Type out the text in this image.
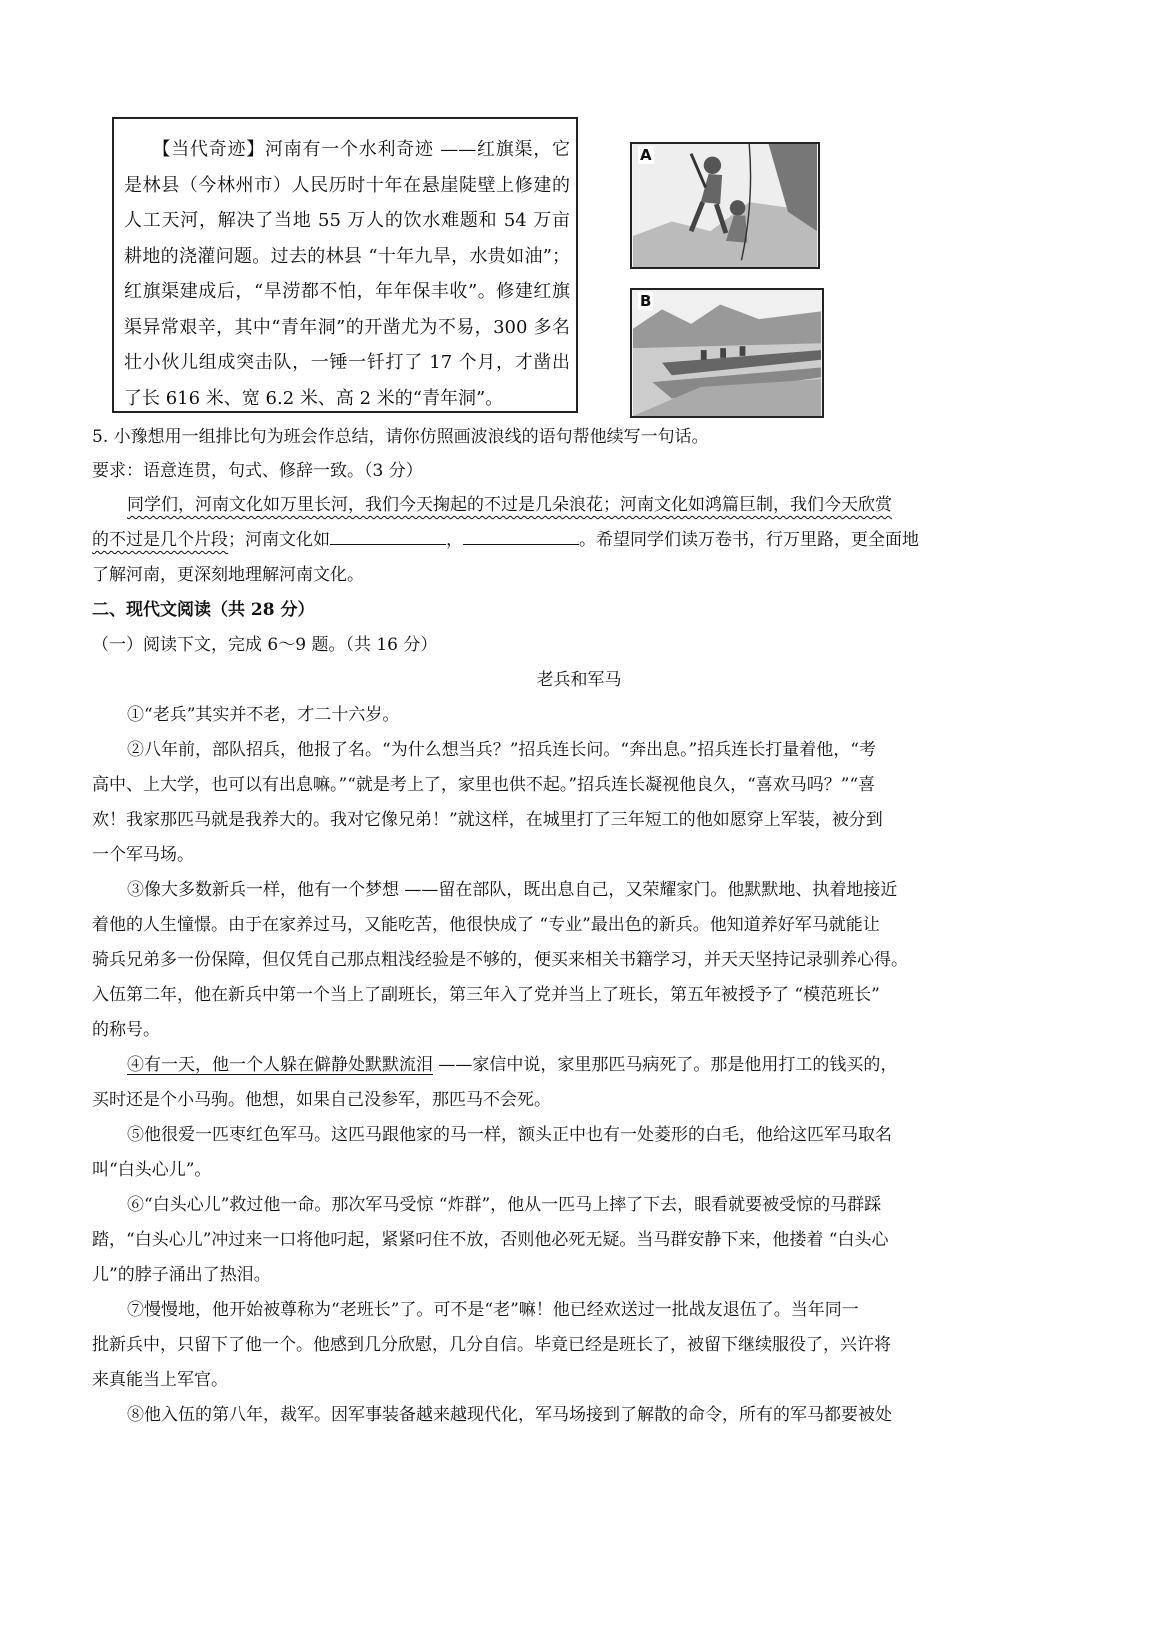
　　【当代奇迹】河南有一个水利奇迹 ——红旗渠，它是林县（今林州市）人民历时十年在悬崖陡壁上修建的人工天河，解决了当地 55 万人的饮水难题和 54 万亩耕地的浇灌问题。过去的林县 “十年九旱，水贵如油”；红旗渠建成后，“旱涝都不怕，年年保丰收”。修建红旗渠异常艰辛，其中“青年洞”的开凿尤为不易，300 多名壮小伙儿组成突击队，一锤一钎打了 17 个月，才凿出了长 616 米、宽 6.2 米、高 2 米的“青年洞”。
A
B
5. 小豫想用一组排比句为班会作总结，请你仿照画波浪线的语句帮他续写一句话。
要求：语意连贯，句式、修辞一致。（3 分）
同学们，河南文化如万里长河，我们今天掬起的不过是几朵浪花；河南文化如鸿篇巨制，我们今天欣赏
的不过是几个片段；河南文化如	，	。希望同学们读万卷书，行万里路，更全面地
了解河南，更深刻地理解河南文化。
二、现代文阅读（共 28 分）
（一）阅读下文，完成 6～9 题。（共 16 分）
老兵和军马
①“老兵”其实并不老，才二十六岁。
②八年前，部队招兵，他报了名。“为什么想当兵？”招兵连长问。“奔出息。”招兵连长打量着他，“考
高中、上大学，也可以有出息嘛。”“就是考上了，家里也供不起。”招兵连长凝视他良久，“喜欢马吗？”“喜
欢！我家那匹马就是我养大的。我对它像兄弟！”就这样，在城里打了三年短工的他如愿穿上军装，被分到
一个军马场。
③像大多数新兵一样，他有一个梦想 ——留在部队，既出息自己，又荣耀家门。他默默地、执着地接近
着他的人生憧憬。由于在家养过马，又能吃苦，他很快成了 “专业”最出色的新兵。他知道养好军马就能让
骑兵兄弟多一份保障，但仅凭自己那点粗浅经验是不够的，便买来相关书籍学习，并天天坚持记录驯养心得。
入伍第二年，他在新兵中第一个当上了副班长，第三年入了党并当上了班长，第五年被授予了 “模范班长”
的称号。
④有一天，他一个人躲在僻静处默默流泪 ——家信中说，家里那匹马病死了。那是他用打工的钱买的，
买时还是个小马驹。他想，如果自己没参军，那匹马不会死。
⑤他很爱一匹枣红色军马。这匹马跟他家的马一样，额头正中也有一处菱形的白毛，他给这匹军马取名
叫“白头心儿”。
⑥“白头心儿”救过他一命。那次军马受惊 “炸群”，他从一匹马上摔了下去，眼看就要被受惊的马群踩
踏，“白头心儿”冲过来一口将他叼起，紧紧叼住不放，否则他必死无疑。当马群安静下来，他搂着 “白头心
儿”的脖子涌出了热泪。
⑦慢慢地，他开始被尊称为“老班长”了。可不是“老”嘛！他已经欢送过一批战友退伍了。当年同一
批新兵中，只留下了他一个。他感到几分欣慰，几分自信。毕竟已经是班长了，被留下继续服役了，兴许将
来真能当上军官。
⑧他入伍的第八年，裁军。因军事装备越来越现代化，军马场接到了解散的命令，所有的军马都要被处
